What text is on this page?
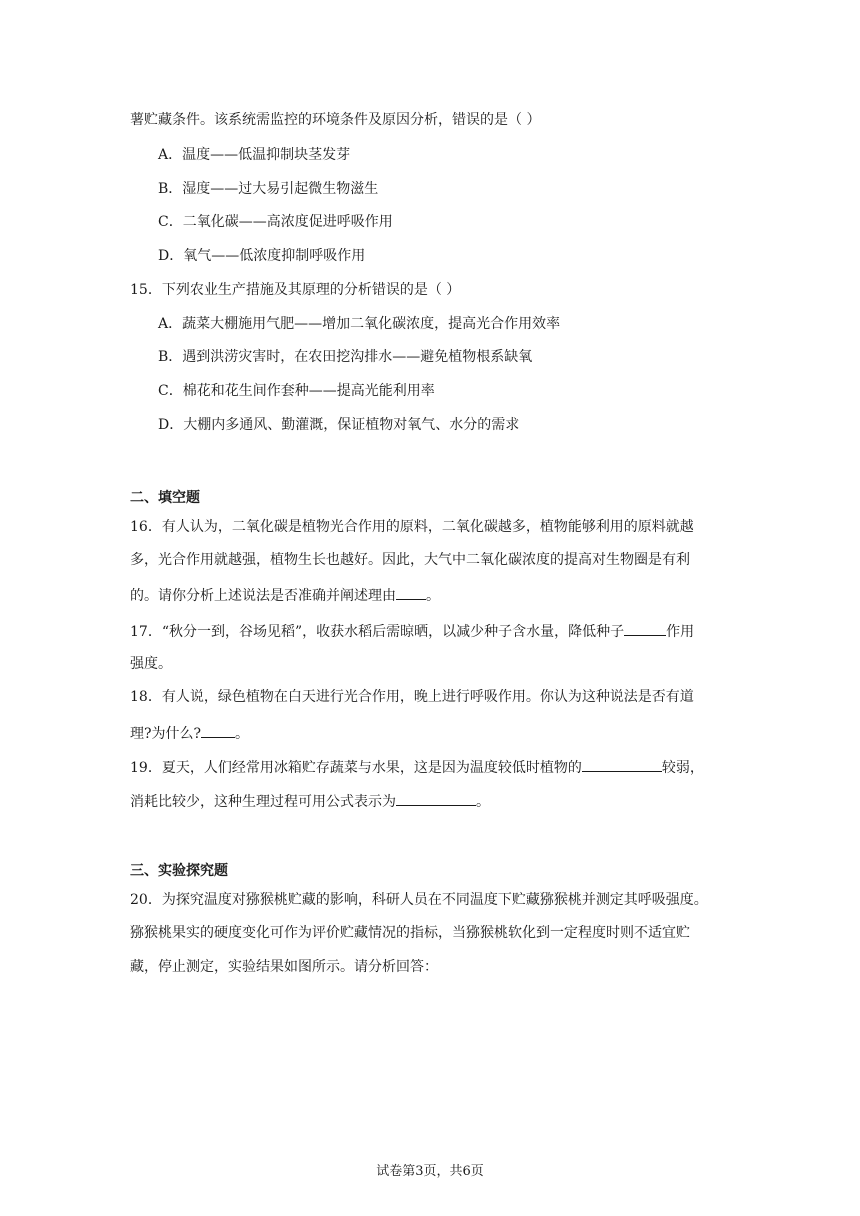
薯贮藏条件。该系统需监控的环境条件及原因分析，错误的是（ ）
A．温度——低温抑制块茎发芽
B．湿度——过大易引起微生物滋生
C．二氧化碳——高浓度促进呼吸作用
D．氧气——低浓度抑制呼吸作用
15．下列农业生产措施及其原理的分析错误的是（ ）
A．蔬菜大棚施用气肥——增加二氧化碳浓度，提高光合作用效率
B．遇到洪涝灾害时，在农田挖沟排水——避免植物根系缺氧
C．棉花和花生间作套种——提高光能利用率
D．大棚内多通风、勤灌溉，保证植物对氧气、水分的需求
二、填空题
16．有人认为，二氧化碳是植物光合作用的原料，二氧化碳越多，植物能够利用的原料就越
多，光合作用就越强，植物生长也越好。因此，大气中二氧化碳浓度的提高对生物圈是有利
的。请你分析上述说法是否准确并阐述理由 。
17．“秋分一到，谷场见稻”，收获水稻后需晾晒，以减少种子含水量，降低种子	作用
强度。
18．有人说，绿色植物在白天进行光合作用，晚上进行呼吸作用。你认为这种说法是否有道
理?为什么? 。
19．夏天，人们经常用冰箱贮存蔬菜与水果，这是因为温度较低时植物的	较弱，
消耗比较少，这种生理过程可用公式表示为	。
三、实验探究题
20．为探究温度对猕猴桃贮藏的影响，科研人员在不同温度下贮藏猕猴桃并测定其呼吸强度。
猕猴桃果实的硬度变化可作为评价贮藏情况的指标，当猕猴桃软化到一定程度时则不适宜贮
藏，停止测定，实验结果如图所示。请分析回答：
试卷第3页，共6页
